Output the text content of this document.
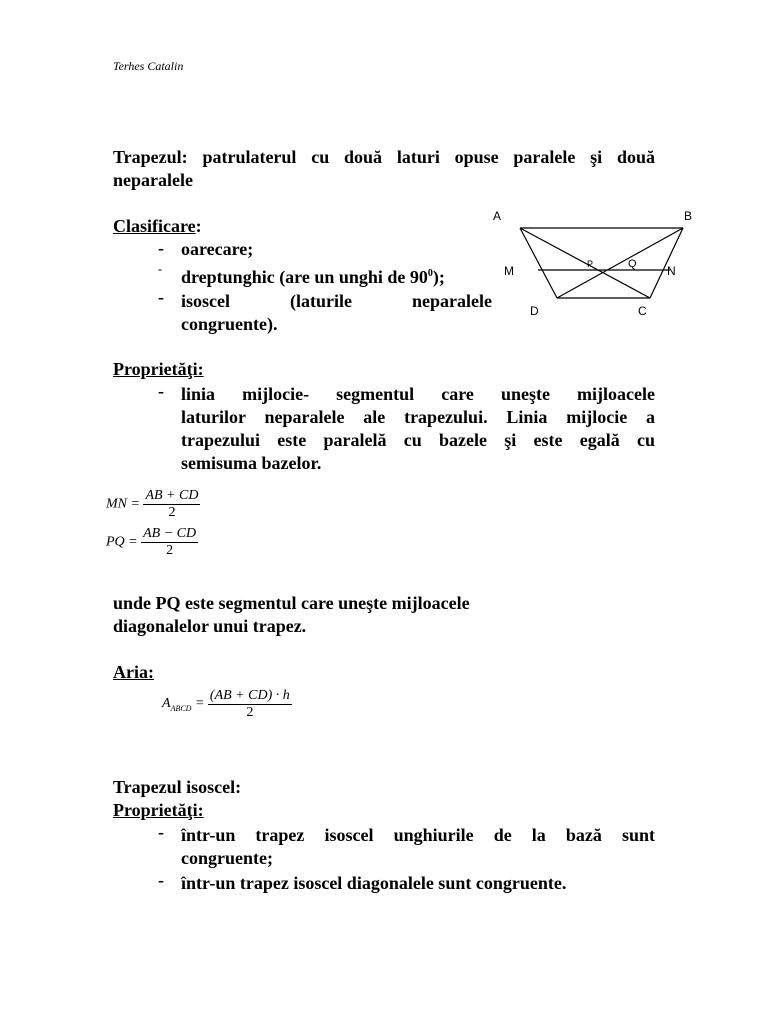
Terhes Catalin
Trapezul: patrulaterul cu două laturi opuse paralele şi două
neparalele
Clasificare:
- oarecare;
- dreptunghic (are un unghi de $90^0$);
- isoscel (laturile neparalele
congruente).
A	B
M	N
P	Q
D	C
Proprietăţi:
- linia mijlocie- segmentul care uneşte mijloacele
laturilor neparalele ale trapezului. Linia mijlocie a
trapezului este paralelă cu bazele şi este egală cu
semisuma bazelor.
MN = $\frac{AB + CD}{2}$
PQ = $\frac{AB - CD}{2}$
unde PQ este segmentul care uneşte mijloacele
diagonalelor unui trapez.
Aria:
$A_{ABCD} = \frac{(AB + CD) \cdot h}{2}$
Trapezul isoscel:
Proprietăţi:
- într-un trapez isoscel unghiurile de la bază sunt
congruente;
- într-un trapez isoscel diagonalele sunt congruente.
